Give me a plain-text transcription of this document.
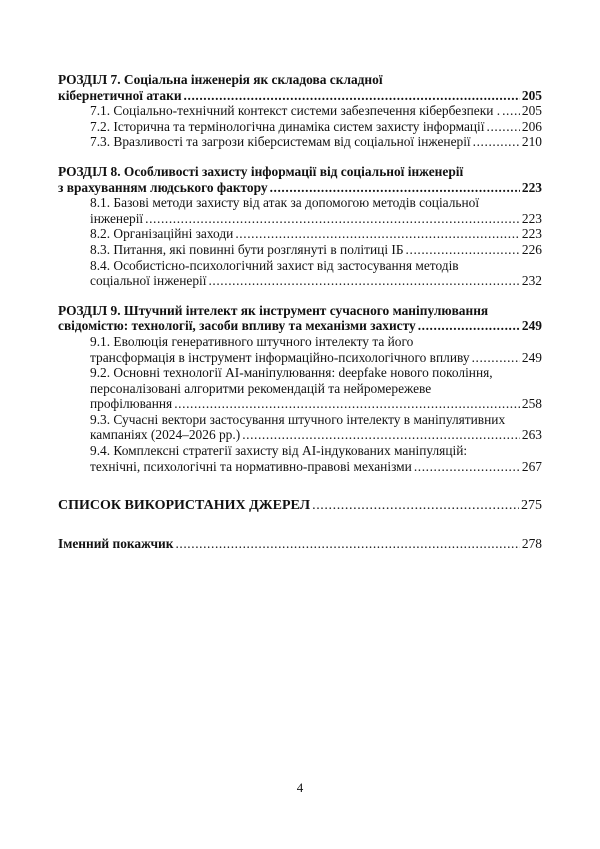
РОЗДІЛ 7. Соціальна інженерія як складова складної
кібернетичної атаки .....	205
7.1. Соціально-технічний контекст системи забезпечення кібербезпеки . ..... 205
7.2. Історична та термінологічна динаміка систем захисту інформації .....	206
7.3. Вразливості та загрози кіберсистемам від соціальної інженерії .....	210
РОЗДІЛ 8. Особливості захисту інформації від соціальної інженерії
з врахуванням людського фактору .....	223
8.1. Базові методи захисту від атак за допомогою методів соціальної
інженерії .....	223
8.2. Організаційні заходи .....	223
8.3. Питання, які повинні бути розглянуті в політиці ІБ .....	226
8.4. Особистісно-психологічний захист від застосування методів
соціальної інженерії .....	232
РОЗДІЛ 9. Штучний інтелект як інструмент сучасного маніпулювання
свідомістю: технології, засоби впливу та механізми захисту .....	249
9.1. Еволюція генеративного штучного інтелекту та його
трансформація в інструмент інформаційно-психологічного впливу .....	249
9.2. Основні технології AI-маніпулювання: deepfake нового покоління,
персоналізовані алгоритми рекомендацій та нейромережеве
профілювання .....	258
9.3. Сучасні вектори застосування штучного інтелекту в маніпулятивних
кампаніях (2024–2026 рр.) .....	263
9.4. Комплексні стратегії захисту від AI-індукованих маніпуляцій:
технічні, психологічні та нормативно-правові механізми .....	267
СПИСОК ВИКОРИСТАНИХ ДЖЕРЕЛ .....	275
Іменний покажчик .....	278
4
